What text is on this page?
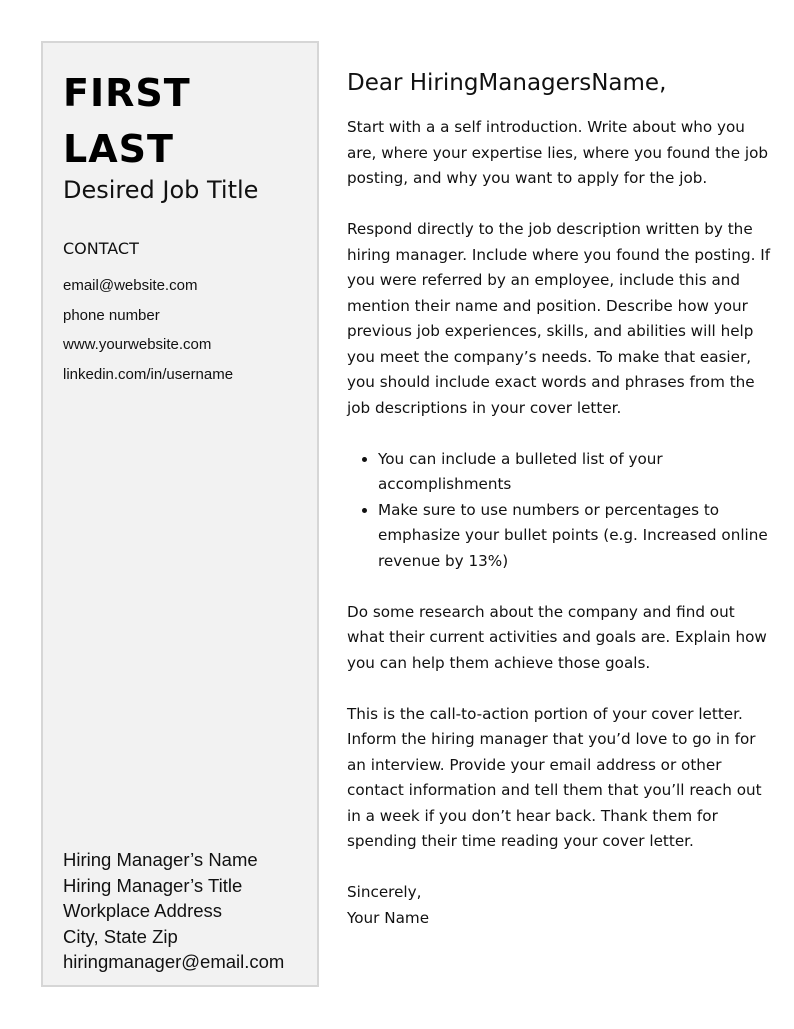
FIRST
LAST
Desired Job Title
CONTACT
email@website.com
phone number
www.yourwebsite.com
linkedin.com/in/username
Hiring Manager’s Name
Hiring Manager’s Title
Workplace Address
City, State Zip
hiringmanager@email.com
Dear HiringManagersName,

Start with a a self introduction. Write about who you are, where your expertise lies, where you found the job posting, and why you want to apply for the job.

Respond directly to the job description written by the hiring manager. Include where you found the posting. If you were referred by an employee, include this and mention their name and position. Describe how your previous job experiences, skills, and abilities will help you meet the company’s needs. To make that easier, you should include exact words and phrases from the job descriptions in your cover letter.

• You can include a bulleted list of your accomplishments
• Make sure to use numbers or percentages to emphasize your bullet points (e.g. Increased online revenue by 13%)

Do some research about the company and find out what their current activities and goals are. Explain how you can help them achieve those goals.

This is the call-to-action portion of your cover letter. Inform the hiring manager that you’d love to go in for an interview. Provide your email address or other contact information and tell them that you’ll reach out in a week if you don’t hear back. Thank them for spending their time reading your cover letter.

Sincerely,

Your Name
